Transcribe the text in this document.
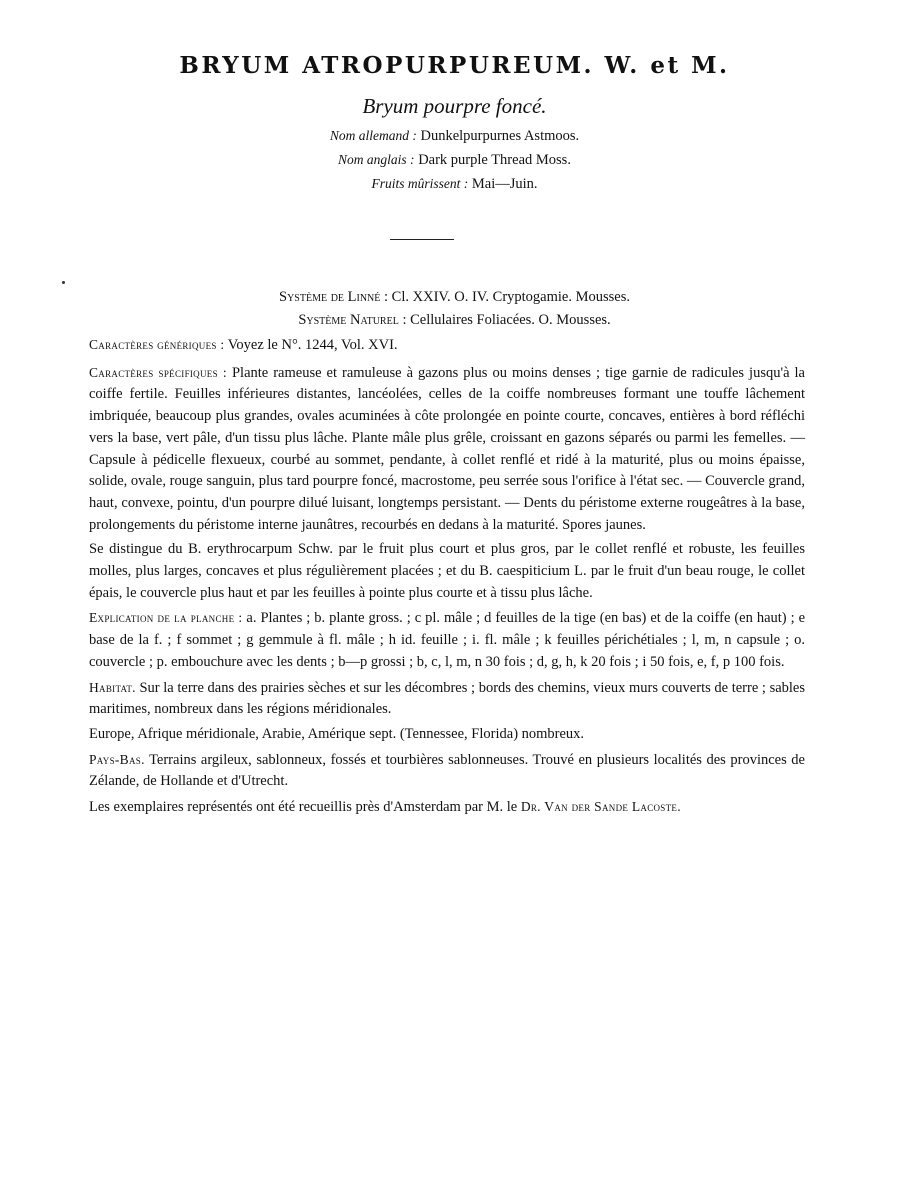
BRYUM ATROPURPUREUM. W. et M.
Bryum pourpre foncé.
Nom allemand : Dunkelpurpurnes Astmoos.
Nom anglais : Dark purple Thread Moss.
Fruits mûrissent : Mai—Juin.
Système de Linné : Cl. XXIV. O. IV. Cryptogamie. Mousses.
Système Naturel : Cellulaires Foliacées. O. Mousses.

Caractères génériques : Voyez le N°. 1244, Vol. XVI.

Caractères spécifiques : Plante rameuse et ramuleuse à gazons plus ou moins denses ; tige garnie de radicules jusqu'à la coiffe fertile. Feuilles inférieures distantes, lancéolées, celles de la coiffe nombreuses formant une touffe lâchement imbriquée, beaucoup plus grandes, ovales acuminées à côte prolongée en pointe courte, concaves, entières à bord réfléchi vers la base, vert pâle, d'un tissu plus lâche. Plante mâle plus grêle, croissant en gazons séparés ou parmi les femelles. — Capsule à pédicelle flexueux, courbé au sommet, pendante, à collet renflé et ridé à la maturité, plus ou moins épaisse, solide, ovale, rouge sanguin, plus tard pourpre foncé, macrostome, peu serrée sous l'orifice à l'état sec. — Couvercle grand, haut, convexe, pointu, d'un pourpre dilué luisant, longtemps persistant. — Dents du péristome externe rougeâtres à la base, prolongements du péristome interne jaunâtres, recourbés en dedans à la maturité. Spores jaunes.

Se distingue du B. erythrocarpum Schw. par le fruit plus court et plus gros, par le collet renflé et robuste, les feuilles molles, plus larges, concaves et plus régulièrement placées ; et du B. caespiticium L. par le fruit d'un beau rouge, le collet épais, le couvercle plus haut et par les feuilles à pointe plus courte et à tissu plus lâche.

Explication de la planche : a. Plantes ; b. plante gross. ; c pl. mâle ; d feuilles de la tige (en bas) et de la coiffe (en haut) ; e base de la f. ; f sommet ; g gemmule à fl. mâle ; h id. feuille ; i. fl. mâle ; k feuilles périchétiales ; l, m, n capsule ; o. couvercle ; p. embouchure avec les dents ; b—p grossi ; b, c, l, m, n 30 fois ; d, g, h, k 20 fois ; i 50 fois, e, f, p 100 fois.

Habitat. Sur la terre dans des prairies sèches et sur les décombres ; bords des chemins, vieux murs couverts de terre ; sables maritimes, nombreux dans les régions méridionales.

Europe, Afrique méridionale, Arabie, Amérique sept. (Tennessee, Florida) nombreux.

Pays-Bas. Terrains argileux, sablonneux, fossés et tourbières sablonneuses. Trouvé en plusieurs localités des provinces de Zélande, de Hollande et d'Utrecht.

Les exemplaires représentés ont été recueillis près d'Amsterdam par M. le Dr. Van der Sande Lacoste.
